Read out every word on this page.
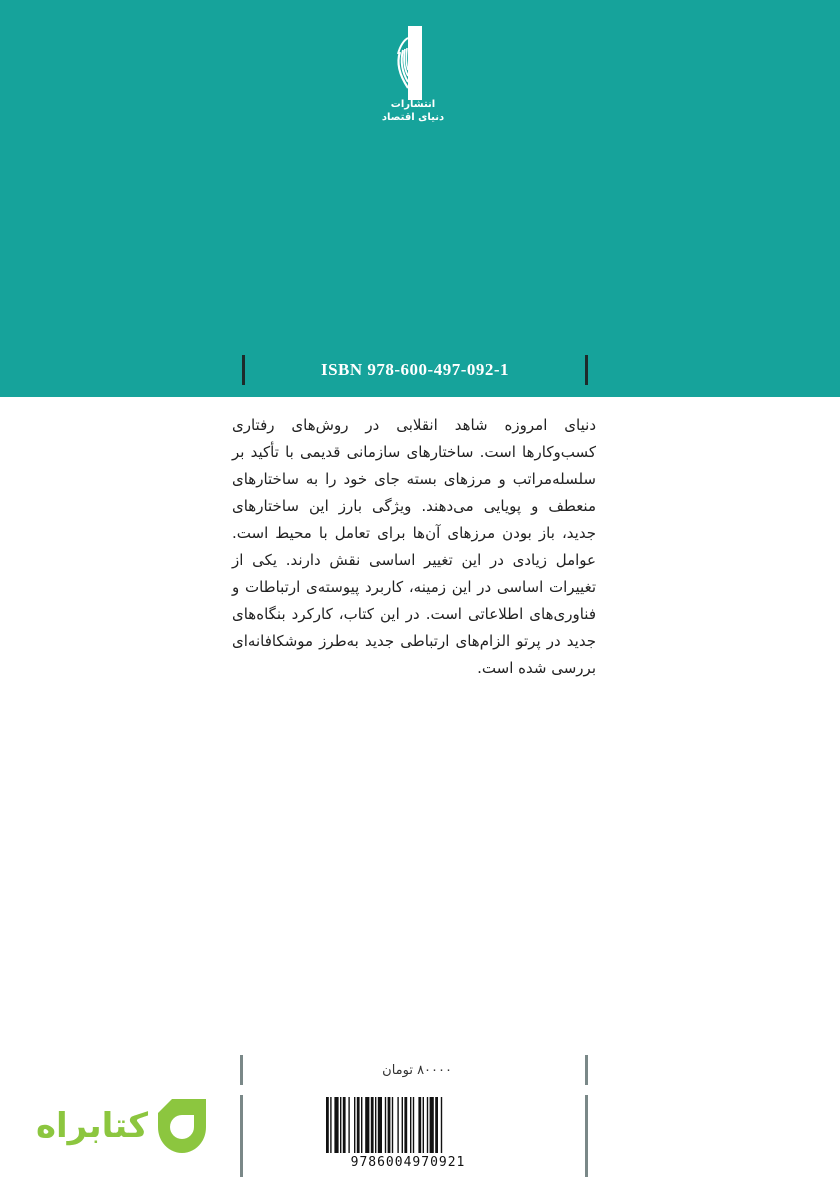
انتشارات
دنیای اقتصاد
ISBN 978-600-497-092-1
دنیای امروزه شاهد انقلابی در روش‌های رفتاری کسب‌وکارها است. ساختارهای سازمانی قدیمی با تأکید بر سلسله‌مراتب و مرزهای بسته جای خود را به ساختارهای منعطف و پویایی می‌دهند. ویژگی بارز این ساختارهای جدید، باز بودن مرزهای آن‌ها برای تعامل با محیط است. عوامل زیادی در این تغییر اساسی نقش دارند. یکی از تغییرات اساسی در این زمینه، کاربرد پیوسته‌ی ارتباطات و فناوری‌های اطلاعاتی است. در این کتاب، کارکرد بنگاه‌های جدید در پرتو الزام‌های ارتباطی جدید به‌طرز موشکافانه‌ای بررسی شده است.
۸۰۰۰۰ تومان
9786004970921
کتابراه
